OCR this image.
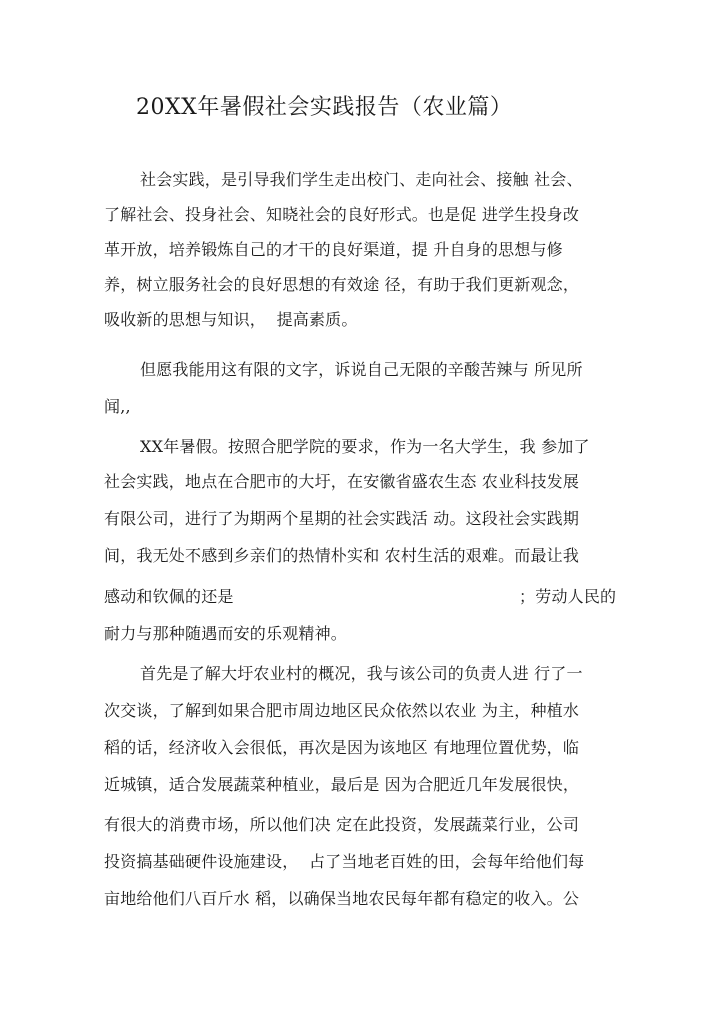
20XX年暑假社会实践报告（农业篇）
社会实践，是引导我们学生走出校门、走向社会、接触 社会、
了解社会、投身社会、知晓社会的良好形式。也是促 进学生投身改
革开放，培养锻炼自己的才干的良好渠道，提 升自身的思想与修
养，树立服务社会的良好思想的有效途 径，有助于我们更新观念，
吸收新的思想与知识，  提高素质。
但愿我能用这有限的文字，诉说自己无限的辛酸苦辣与 所见所
闻,,
XX年暑假。按照合肥学院的要求，作为一名大学生，我 参加了
社会实践，地点在合肥市的大圩，在安徽省盛农生态 农业科技发展
有限公司，进行了为期两个星期的社会实践活 动。这段社会实践期
间，我无处不感到乡亲们的热情朴实和 农村生活的艰难。而最让我
感动和钦佩的还是                                                      ；劳动人民的
耐力与那种随遇而安的乐观精神。
首先是了解大圩农业村的概况，我与该公司的负责人进 行了一
次交谈，了解到如果合肥市周边地区民众依然以农业 为主，种植水
稻的话，经济收入会很低，再次是因为该地区 有地理位置优势，临
近城镇，适合发展蔬菜种植业，最后是 因为合肥近几年发展很快，
有很大的消费市场，所以他们决 定在此投资，发展蔬菜行业，公司
投资搞基础硬件设施建设，  占了当地老百姓的田，会每年给他们每
亩地给他们八百斤水 稻，以确保当地农民每年都有稳定的收入。公
